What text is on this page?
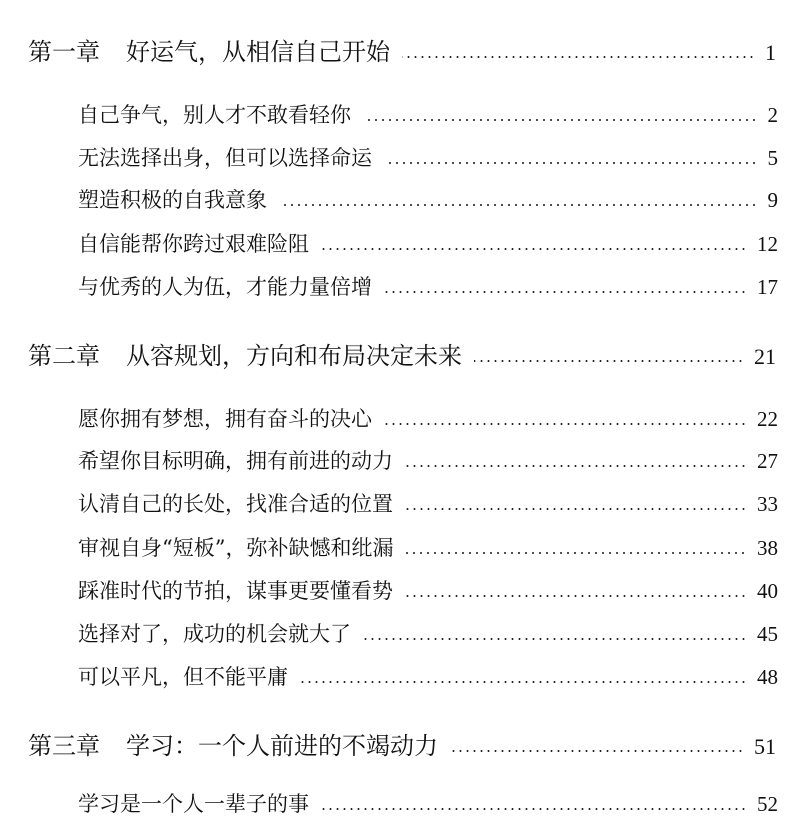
第一章 好运气，从相信自己开始	1
自己争气，别人才不敢看轻你	2
无法选择出身，但可以选择命运	5
塑造积极的自我意象	9
自信能帮你跨过艰难险阻	12
与优秀的人为伍，才能力量倍增	17
第二章 从容规划，方向和布局决定未来	21
愿你拥有梦想，拥有奋斗的决心	22
希望你目标明确，拥有前进的动力	27
认清自己的长处，找准合适的位置	33
审视自身“短板”，弥补缺憾和纰漏	38
踩准时代的节拍，谋事更要懂看势	40
选择对了，成功的机会就大了	45
可以平凡，但不能平庸	48
第三章 学习：一个人前进的不竭动力	51
学习是一个人一辈子的事	52
